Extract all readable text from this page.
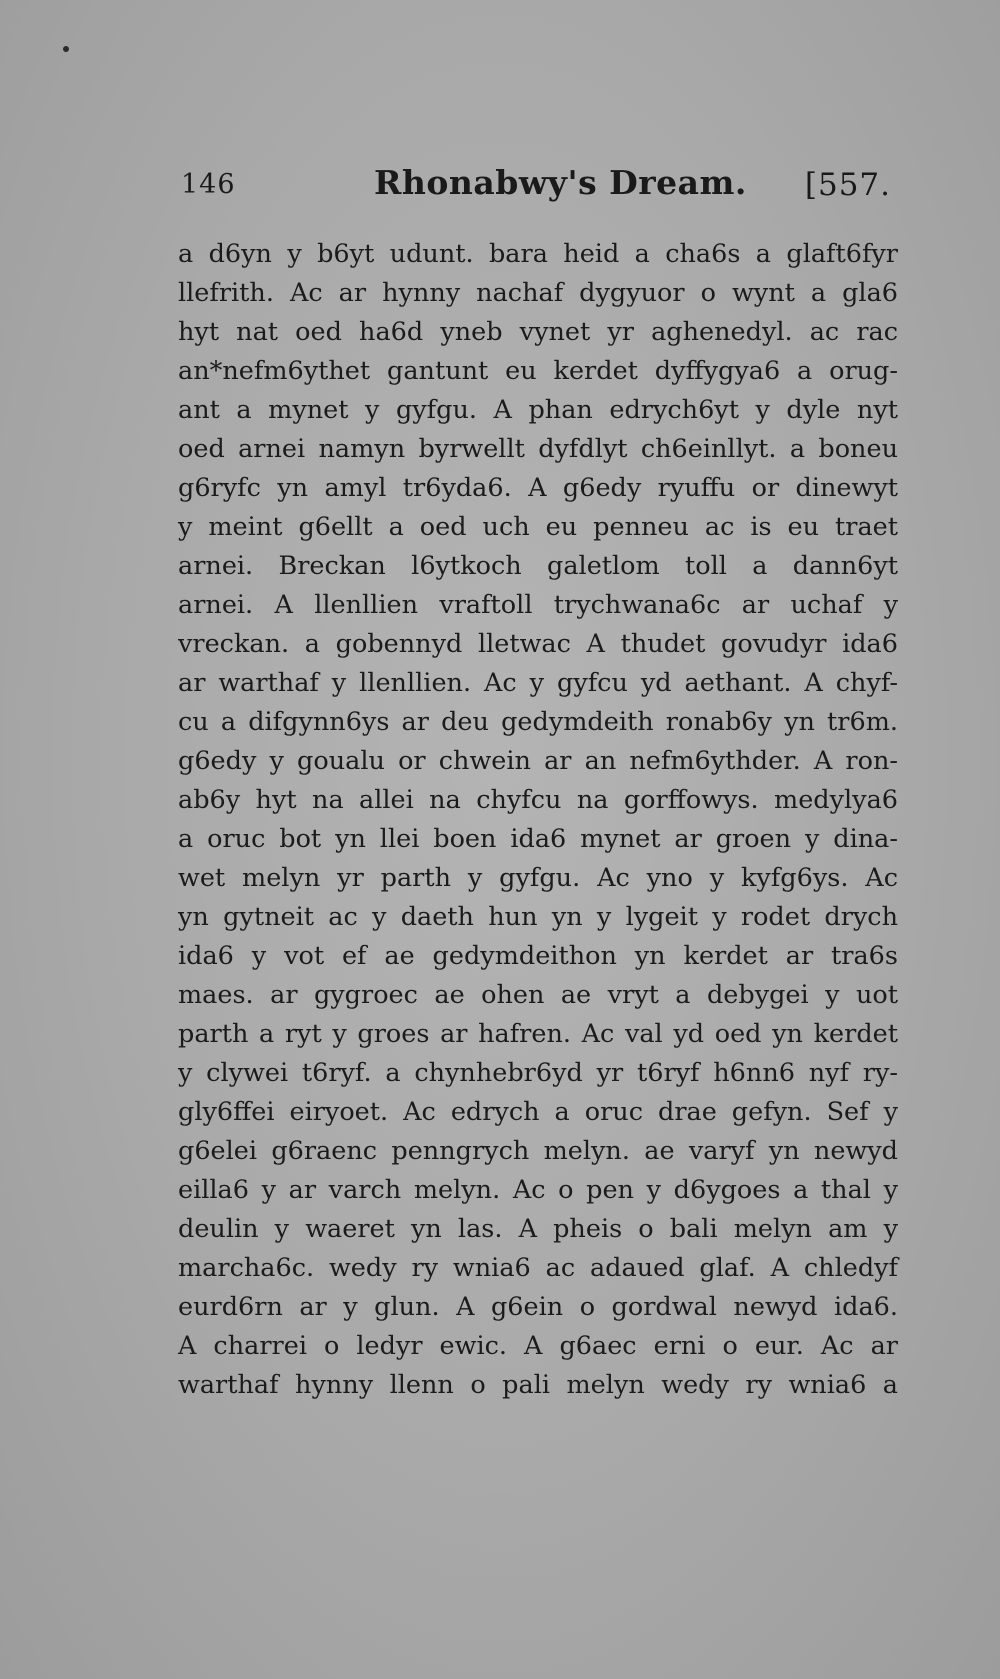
146	Rhonabwy's Dream. [557.
a d6yn y b6yt udunt. bara heid a cha6s a glaft6fyr
llefrith. Ac ar hynny nachaf dygyuor o wynt a gla6
hyt nat oed ha6d yneb vynet yr aghenedyl. ac rac
an*nefm6ythet gantunt eu kerdet dyffygya6 a orug-
ant a mynet y gyfgu. A phan edrych6yt y dyle nyt
oed arnei namyn byrwellt dyfdlyt ch6einllyt. a boneu
g6ryfc yn amyl tr6yda6. A g6edy ryuffu or dinewyt
y meint g6ellt a oed uch eu penneu ac is eu traet
arnei. Breckan l6ytkoch galetlom toll a dann6yt
arnei. A llenllien vraftoll trychwana6c ar uchaf y
vreckan. a gobennyd lletwac A thudet govudyr ida6
ar warthaf y llenllien. Ac y gyfcu yd aethant. A chyf-
cu a difgynn6ys ar deu gedymdeith ronab6y yn tr6m.
g6edy y goualu or chwein ar an nefm6ythder. A ron-
ab6y hyt na allei na chyfcu na gorffowys. medylya6
a oruc bot yn llei boen ida6 mynet ar groen y dina-
wet melyn yr parth y gyfgu. Ac yno y kyfg6ys. Ac
yn gytneit ac y daeth hun yn y lygeit y rodet drych
ida6 y vot ef ae gedymdeithon yn kerdet ar tra6s
maes. ar gygroec ae ohen ae vryt a debygei y uot
parth a ryt y groes ar hafren. Ac val yd oed yn kerdet
y clywei t6ryf. a chynhebr6yd yr t6ryf h6nn6 nyf ry-
gly6ffei eiryoet. Ac edrych a oruc drae gefyn. Sef y
g6elei g6raenc penngrych melyn. ae varyf yn newyd
eilla6 y ar varch melyn. Ac o pen y d6ygoes a thal y
deulin y waeret yn las. A pheis o bali melyn am y
marcha6c. wedy ry wnia6 ac adaued glaf. A chledyf
eurd6rn ar y glun. A g6ein o gordwal newyd ida6.
A charrei o ledyr ewic. A g6aec erni o eur. Ac ar
warthaf hynny llenn o pali melyn wedy ry wnia6 a
